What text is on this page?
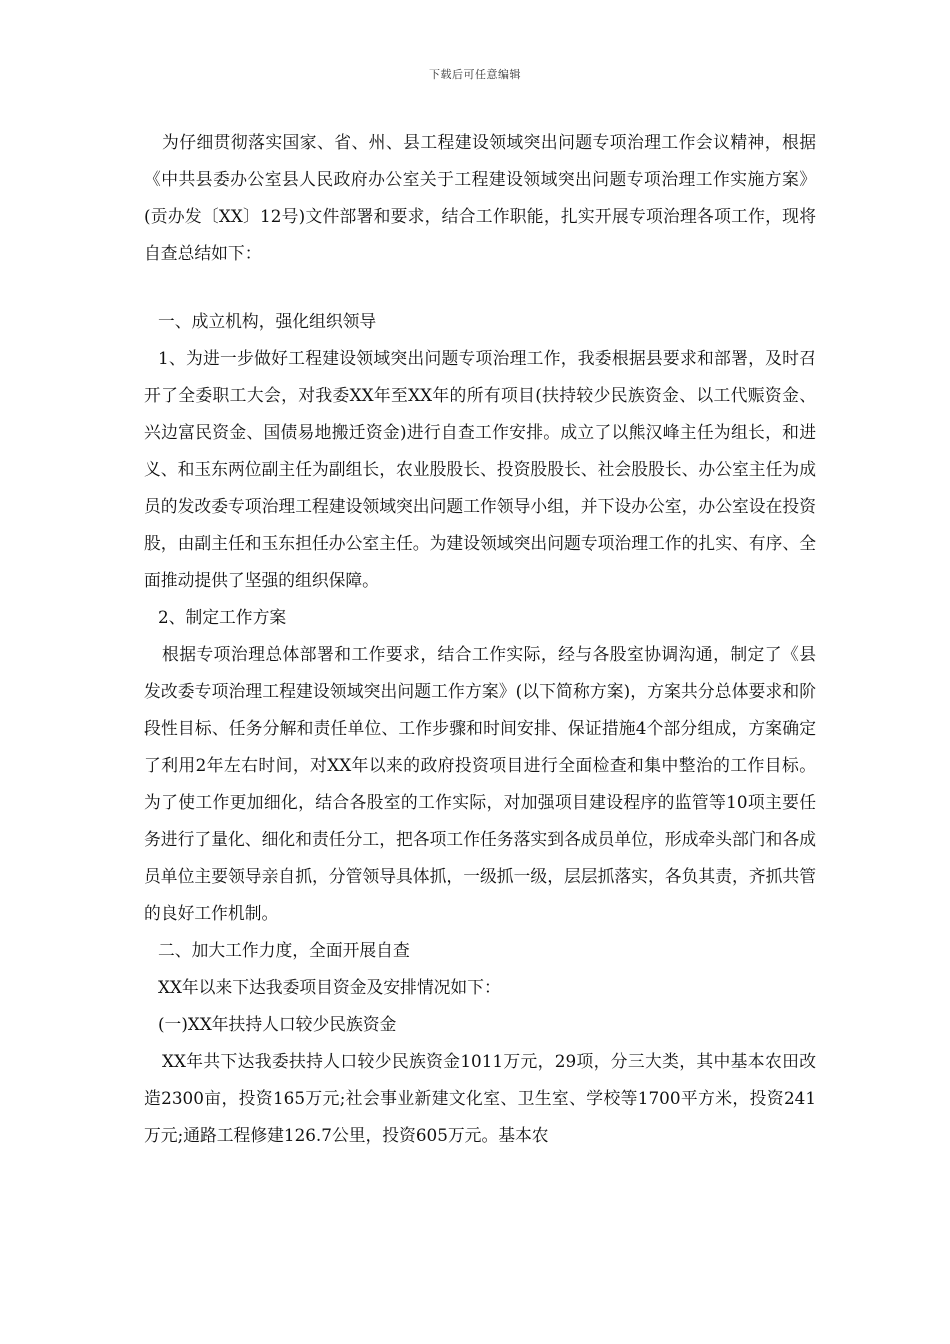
下载后可任意编辑

为仔细贯彻落实国家、省、州、县工程建设领域突出问题专项治理工作会议精神，根据《中共县委办公室县人民政府办公室关于工程建设领域突出问题专项治理工作实施方案》(贡办发〔XX〕12号)文件部署和要求，结合工作职能，扎实开展专项治理各项工作，现将自查总结如下：

一、成立机构，强化组织领导

1、为进一步做好工程建设领域突出问题专项治理工作，我委根据县要求和部署，及时召开了全委职工大会，对我委XX年至XX年的所有项目(扶持较少民族资金、以工代赈资金、兴边富民资金、国债易地搬迁资金)进行自查工作安排。成立了以熊汉峰主任为组长，和进义、和玉东两位副主任为副组长，农业股股长、投资股股长、社会股股长、办公室主任为成员的发改委专项治理工程建设领域突出问题工作领导小组，并下设办公室，办公室设在投资股，由副主任和玉东担任办公室主任。为建设领域突出问题专项治理工作的扎实、有序、全面推动提供了坚强的组织保障。

2、制定工作方案

根据专项治理总体部署和工作要求，结合工作实际，经与各股室协调沟通，制定了《县发改委专项治理工程建设领域突出问题工作方案》(以下简称方案)，方案共分总体要求和阶段性目标、任务分解和责任单位、工作步骤和时间安排、保证措施4个部分组成，方案确定了利用2年左右时间，对XX年以来的政府投资项目进行全面检查和集中整治的工作目标。为了使工作更加细化，结合各股室的工作实际，对加强项目建设程序的监管等10项主要任务进行了量化、细化和责任分工，把各项工作任务落实到各成员单位，形成牵头部门和各成员单位主要领导亲自抓，分管领导具体抓，一级抓一级，层层抓落实，各负其责，齐抓共管的良好工作机制。

二、加大工作力度，全面开展自查

XX年以来下达我委项目资金及安排情况如下：

(一)XX年扶持人口较少民族资金

XX年共下达我委扶持人口较少民族资金1011万元，29项，分三大类，其中基本农田改造2300亩，投资165万元;社会事业新建文化室、卫生室、学校等1700平方米，投资241万元;通路工程修建126.7公里，投资605万元。基本农
